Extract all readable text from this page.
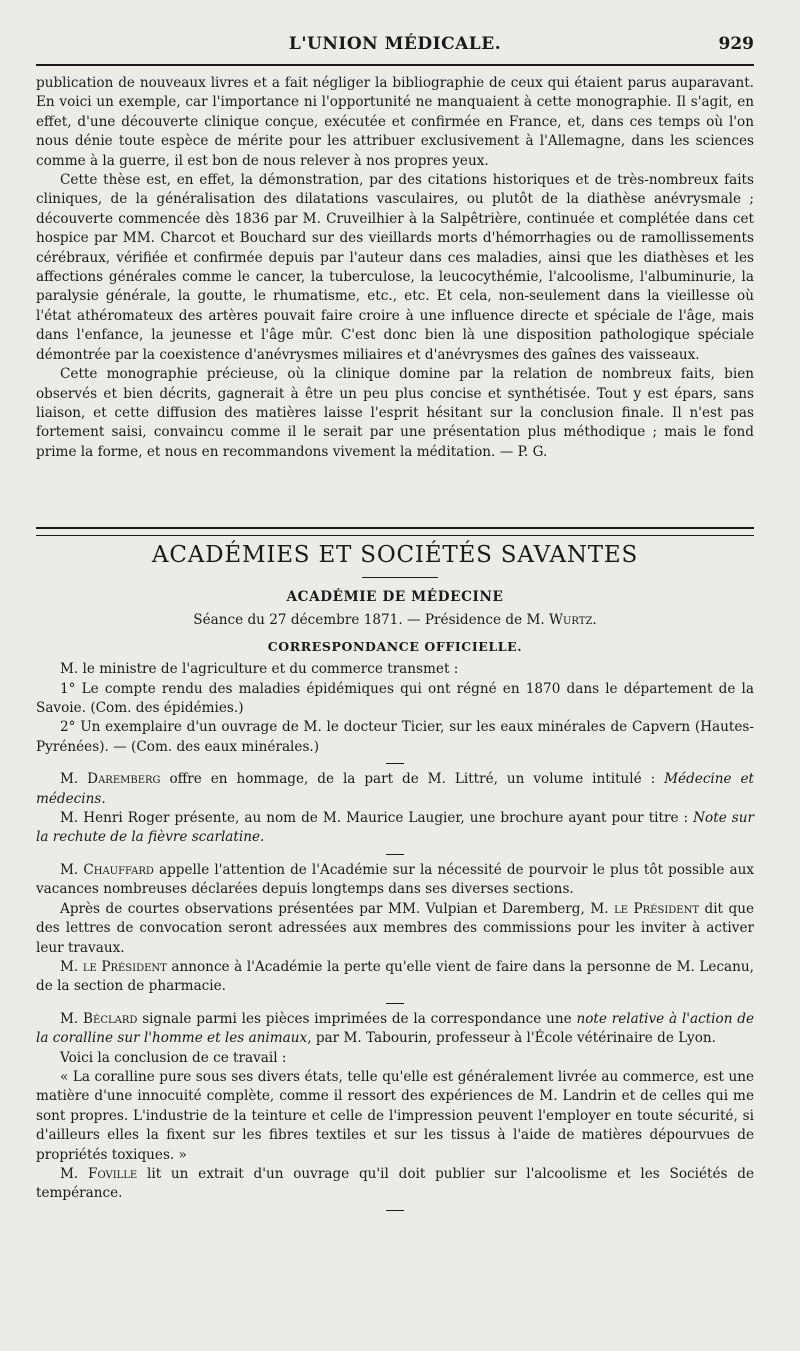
L'UNION MÉDICALE.	929

publication de nouveaux livres et a fait négliger la bibliographie de ceux qui étaient parus auparavant. En voici un exemple, car l'importance ni l'opportunité ne manquaient à cette monographie. Il s'agit, en effet, d'une découverte clinique conçue, exécutée et confirmée en France, et, dans ces temps où l'on nous dénie toute espèce de mérite pour les attribuer exclusivement à l'Allemagne, dans les sciences comme à la guerre, il est bon de nous relever à nos propres yeux.

Cette thèse est, en effet, la démonstration, par des citations historiques et de très-nombreux faits cliniques, de la généralisation des dilatations vasculaires, ou plutôt de la diathèse anévrysmale ; découverte commencée dès 1836 par M. Cruveilhier à la Salpêtrière, continuée et complétée dans cet hospice par MM. Charcot et Bouchard sur des vieillards morts d'hémorrhagies ou de ramollissements cérébraux, vérifiée et confirmée depuis par l'auteur dans ces maladies, ainsi que les diathèses et les affections générales comme le cancer, la tuberculose, la leucocythémie, l'alcoolisme, l'albuminurie, la paralysie générale, la goutte, le rhumatisme, etc., etc. Et cela, non-seulement dans la vieillesse où l'état athéromateux des artères pouvait faire croire à une influence directe et spéciale de l'âge, mais dans l'enfance, la jeunesse et l'âge mûr. C'est donc bien là une disposition pathologique spéciale démontrée par la coexistence d'anévrysmes miliaires et d'anévrysmes des gaînes des vaisseaux.

Cette monographie précieuse, où la clinique domine par la relation de nombreux faits, bien observés et bien décrits, gagnerait à être un peu plus concise et synthétisée. Tout y est épars, sans liaison, et cette diffusion des matières laisse l'esprit hésitant sur la conclusion finale. Il n'est pas fortement saisi, convaincu comme il le serait par une présentation plus méthodique ; mais le fond prime la forme, et nous en recommandons vivement la méditation. — P. G.

ACADÉMIES ET SOCIÉTÉS SAVANTES
ACADÉMIE DE MÉDECINE
Séance du 27 décembre 1871. — Présidence de M. Wurtz.
CORRESPONDANCE OFFICIELLE.

M. le ministre de l'agriculture et du commerce transmet :

1° Le compte rendu des maladies épidémiques qui ont régné en 1870 dans le département de la Savoie. (Com. des épidémies.)

2° Un exemplaire d'un ouvrage de M. le docteur Ticier, sur les eaux minérales de Capvern (Hautes-Pyrénées). — (Com. des eaux minérales.)

M. Daremberg offre en hommage, de la part de M. Littré, un volume intitulé : Médecine et médecins.

M. Henri Roger présente, au nom de M. Maurice Laugier, une brochure ayant pour titre : Note sur la rechute de la fièvre scarlatine.

M. Chauffard appelle l'attention de l'Académie sur la nécessité de pourvoir le plus tôt possible aux vacances nombreuses déclarées depuis longtemps dans ses diverses sections.

Après de courtes observations présentées par MM. Vulpian et Daremberg, M. le Président dit que des lettres de convocation seront adressées aux membres des commissions pour les inviter à activer leur travaux.

M. le Président annonce à l'Académie la perte qu'elle vient de faire dans la personne de M. Lecanu, de la section de pharmacie.

M. Béclard signale parmi les pièces imprimées de la correspondance une note relative à l'action de la coralline sur l'homme et les animaux, par M. Tabourin, professeur à l'École vétérinaire de Lyon.

Voici la conclusion de ce travail :

« La coralline pure sous ses divers états, telle qu'elle est généralement livrée au commerce, est une matière d'une innocuité complète, comme il ressort des expériences de M. Landrin et de celles qui me sont propres. L'industrie de la teinture et celle de l'impression peuvent l'employer en toute sécurité, si d'ailleurs elles la fixent sur les fibres textiles et sur les tissus à l'aide de matières dépourvues de propriétés toxiques. »

M. Foville lit un extrait d'un ouvrage qu'il doit publier sur l'alcoolisme et les Sociétés de tempérance.
